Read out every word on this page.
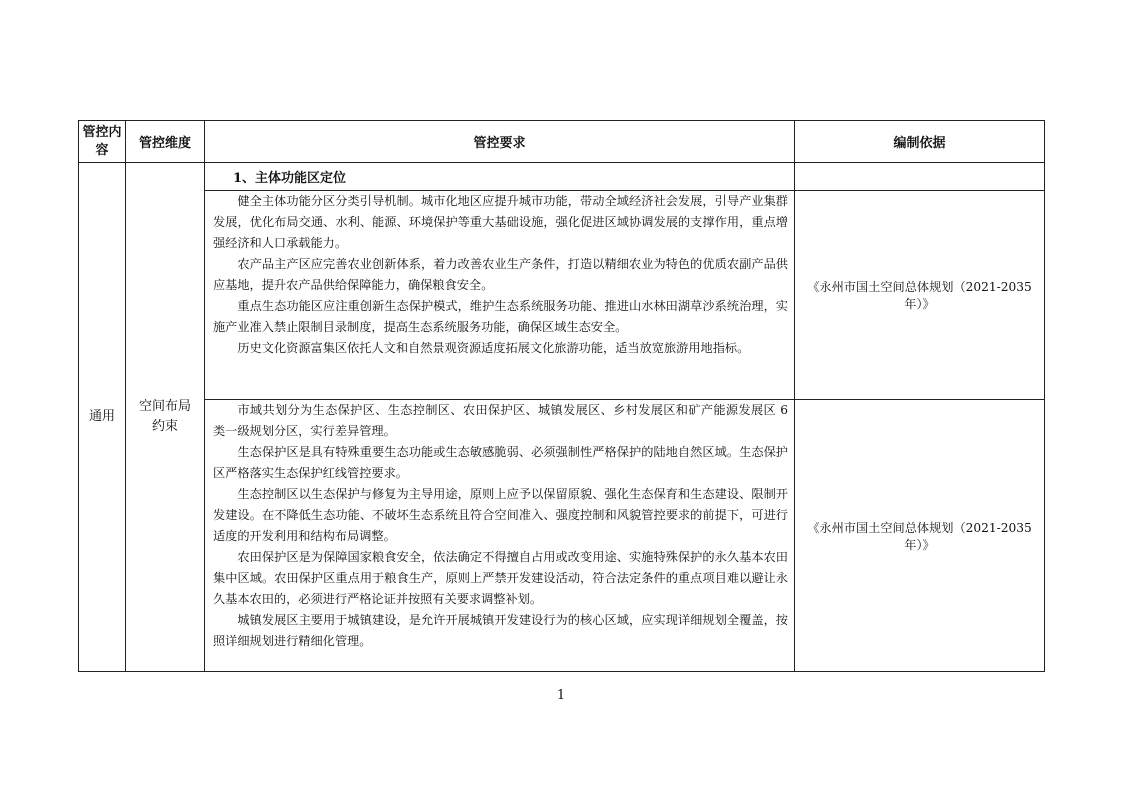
管控内容	管控维度	管控要求	编制依据
通用	空间布局约束	1、主体功能区定位	

		健全主体功能分区分类引导机制。城市化地区应提升城市功能，带动全域经济社会发展，引导产业集群发展，优化布局交通、水利、能源、环境保护等重大基础设施，强化促进区域协调发展的支撑作用，重点增强经济和人口承载能力。

农产品主产区应完善农业创新体系，着力改善农业生产条件，打造以精细农业为特色的优质农副产品供应基地，提升农产品供给保障能力，确保粮食安全。

重点生态功能区应注重创新生态保护模式，维护生态系统服务功能、推进山水林田湖草沙系统治理，实施产业准入禁止限制目录制度，提高生态系统服务功能，确保区域生态安全。

历史文化资源富集区依托人文和自然景观资源适度拓展文化旅游功能，适当放宽旅游用地指标。	《永州市国土空间总体规划（2021-2035 年）》

		市域共划分为生态保护区、生态控制区、农田保护区、城镇发展区、乡村发展区和矿产能源发展区 6 类一级规划分区，实行差异管理。

生态保护区是具有特殊重要生态功能或生态敏感脆弱、必须强制性严格保护的陆地自然区域。生态保护区严格落实生态保护红线管控要求。

生态控制区以生态保护与修复为主导用途，原则上应予以保留原貌、强化生态保育和生态建设、限制开发建设。在不降低生态功能、不破坏生态系统且符合空间准入、强度控制和风貌管控要求的前提下，可进行适度的开发利用和结构布局调整。

农田保护区是为保障国家粮食安全，依法确定不得擅自占用或改变用途、实施特殊保护的永久基本农田集中区域。农田保护区重点用于粮食生产，原则上严禁开发建设活动，符合法定条件的重点项目难以避让永久基本农田的，必须进行严格论证并按照有关要求调整补划。

城镇发展区主要用于城镇建设，是允许开展城镇开发建设行为的核心区域，应实现详细规划全覆盖，按照详细规划进行精细化管理。	《永州市国土空间总体规划（2021-2035 年）》
1
